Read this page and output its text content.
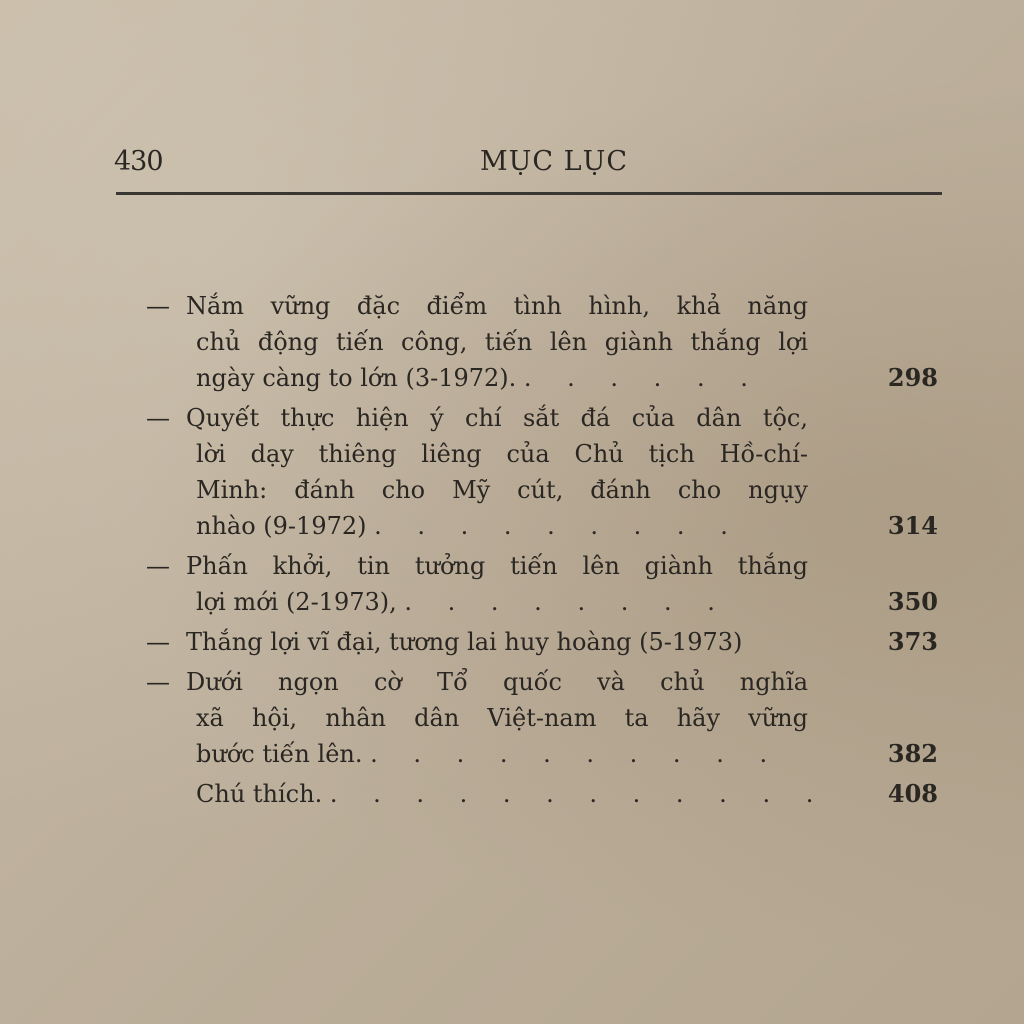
430	MỤC LỤC
— Nắm vững đặc điểm tình hình, khả năng
chủ động tiến công, tiến lên giành thắng lợi
ngày càng to lớn (3-1972). . . . . . .	298
— Quyết thực hiện ý chí sắt đá của dân tộc,
lời dạy thiêng liêng của Chủ tịch Hồ-chí-
Minh: đánh cho Mỹ cút, đánh cho ngụy
nhào (9-1972) . . . . . . . . .	314
— Phấn khởi, tin tưởng tiến lên giành thắng
lợi mới (2-1973), . . . . . . . .	350
— Thắng lợi vĩ đại, tương lai huy hoàng (5-1973)	373
— Dưới ngọn cờ Tổ quốc và chủ nghĩa
xã hội, nhân dân Việt-nam ta hãy vững
bước tiến lên. . . . . . . . . . .	382
Chú thích. . . . . . . . . . . . .	408
